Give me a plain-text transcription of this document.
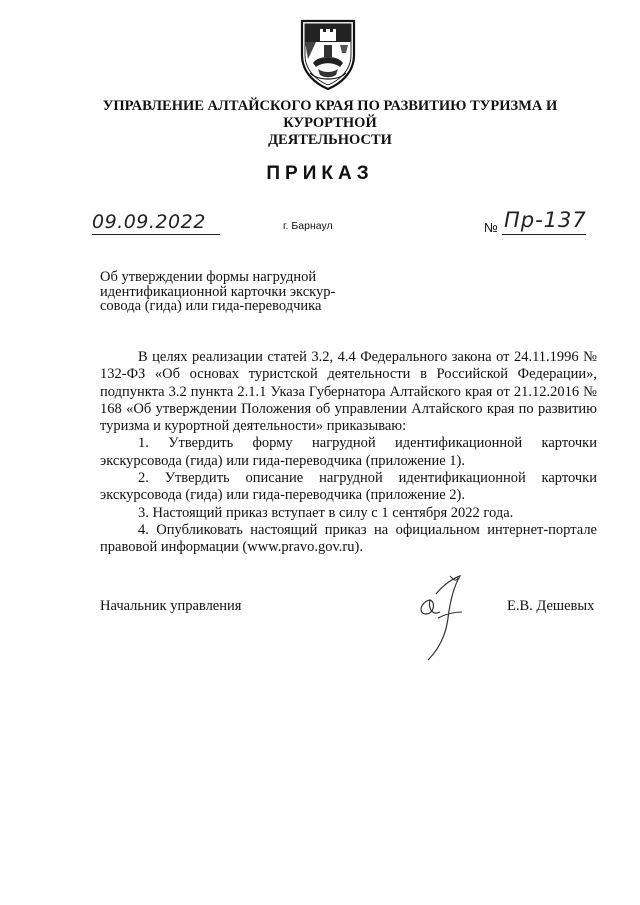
УПРАВЛЕНИЕ АЛТАЙСКОГО КРАЯ ПО РАЗВИТИЮ ТУРИЗМА И КУРОРТНОЙ
ДЕЯТЕЛЬНОСТИ
ПРИКАЗ
09.09.2022	г. Барнаул	№ Пр-137
Об утверждении формы нагрудной
идентификационной карточки экскур-
совода (гида) или гида-переводчика

В целях реализации статей 3.2, 4.4 Федерального закона от 24.11.1996 № 132-ФЗ «Об основах туристской деятельности в Российской Федерации», подпункта 3.2 пункта 2.1.1 Указа Губернатора Алтайского края от 21.12.2016 № 168 «Об утверждении Положения об управлении Алтайского края по развитию туризма и курортной деятельности» приказываю:

1. Утвердить форму нагрудной идентификационной карточки экскурсовода (гида) или гида-переводчика (приложение 1).

2. Утвердить описание нагрудной идентификационной карточки экскурсовода (гида) или гида-переводчика (приложение 2).

3. Настоящий приказ вступает в силу с 1 сентября 2022 года.

4. Опубликовать настоящий приказ на официальном интернет-портале правовой информации (www.pravo.gov.ru).

Начальник управления	Е.В. Дешевых
